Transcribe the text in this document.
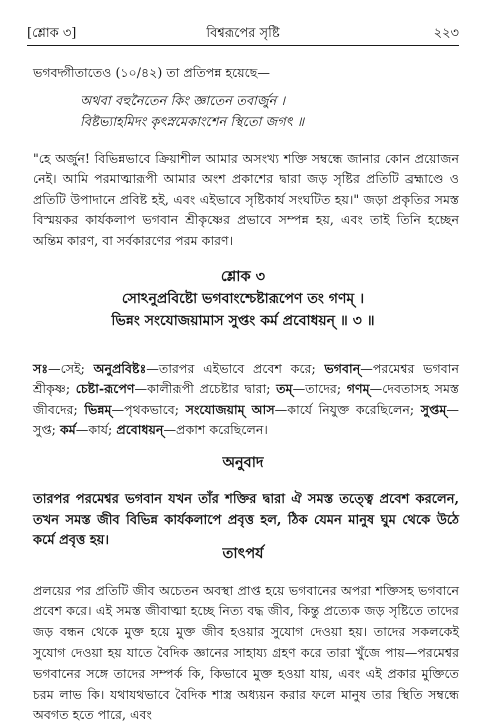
[শ্লোক ৩]	বিশ্বরূপের সৃষ্টি	২২৩

ভগবদ্গীতাতেও (১০/৪২) তা প্রতিপন্ন হয়েছে—

অথবা বহুনৈতেন কিং জ্ঞাতেন তবার্জুন ।
বিষ্টভ্যাহমিদং কৃৎস্নমেকাংশেন স্থিতো জগৎ ॥

"হে অর্জুন! বিভিন্নভাবে ক্রিয়াশীল আমার অসংখ্য শক্তি সম্বন্ধে জানার কোন প্রয়োজন নেই। আমি পরমাত্মারূপী আমার অংশ প্রকাশের দ্বারা জড় সৃষ্টির প্রতিটি ব্রহ্মাণ্ডে ও প্রতিটি উপাদানে প্রবিষ্ট হই, এবং এইভাবে সৃষ্টিকার্য সংঘটিত হয়।" জড়া প্রকৃতির সমস্ত বিস্ময়কর কার্যকলাপ ভগবান শ্রীকৃষ্ণের প্রভাবে সম্পন্ন হয়, এবং তাই তিনি হচ্ছেন অন্তিম কারণ, বা সর্বকারণের পরম কারণ।

শ্লোক ৩
সোঽনুপ্রবিষ্টো ভগবাংশ্চেষ্টারূপেণ তং গণম্ ।
ভিন্নং সংযোজয়ামাস সুপ্তং কর্ম প্রবোধয়ন্ ॥ ৩ ॥

সঃ—সেই; অনুপ্রবিষ্টঃ—তারপর এইভাবে প্রবেশ করে; ভগবান্—পরমেশ্বর ভগবান শ্রীকৃষ্ণ; চেষ্টা-রূপেণ—কালীরূপী প্রচেষ্টার দ্বারা; তম্—তাদের; গণম্—দেবতাসহ সমস্ত জীবদের; ভিন্নম্—পৃথকভাবে; সংযোজয়াম্ আস—কার্যে নিযুক্ত করেছিলেন; সুপ্তম্—সুপ্ত; কর্ম—কার্য; প্রবোধয়ন্—প্রকাশ করেছিলেন।

অনুবাদ

তারপর পরমেশ্বর ভগবান যখন তাঁর শক্তির দ্বারা ঐ সমস্ত তত্ত্বে প্রবেশ করলেন, তখন সমস্ত জীব বিভিন্ন কার্যকলাপে প্রবৃত্ত হল, ঠিক যেমন মানুষ ঘুম থেকে উঠে কর্মে প্রবৃত্ত হয়।

তাৎপর্য

প্রলয়ের পর প্রতিটি জীব অচেতন অবস্থা প্রাপ্ত হয়ে ভগবানের অপরা শক্তিসহ ভগবানে প্রবেশ করে। এই সমস্ত জীবাত্মা হচ্ছে নিত্য বদ্ধ জীব, কিন্তু প্রত্যেক জড় সৃষ্টিতে তাদের জড় বন্ধন থেকে মুক্ত হয়ে মুক্ত জীব হওয়ার সুযোগ দেওয়া হয়। তাদের সকলকেই সুযোগ দেওয়া হয় যাতে বৈদিক জ্ঞানের সাহায্য গ্রহণ করে তারা খুঁজে পায়—পরমেশ্বর ভগবানের সঙ্গে তাদের সম্পর্ক কি, কিভাবে মুক্ত হওয়া যায়, এবং এই প্রকার মুক্তিতে চরম লাভ কি। যথাযথভাবে বৈদিক শাস্ত্র অধ্যয়ন করার ফলে মানুষ তার স্থিতি সম্বন্ধে অবগত হতে পারে, এবং
